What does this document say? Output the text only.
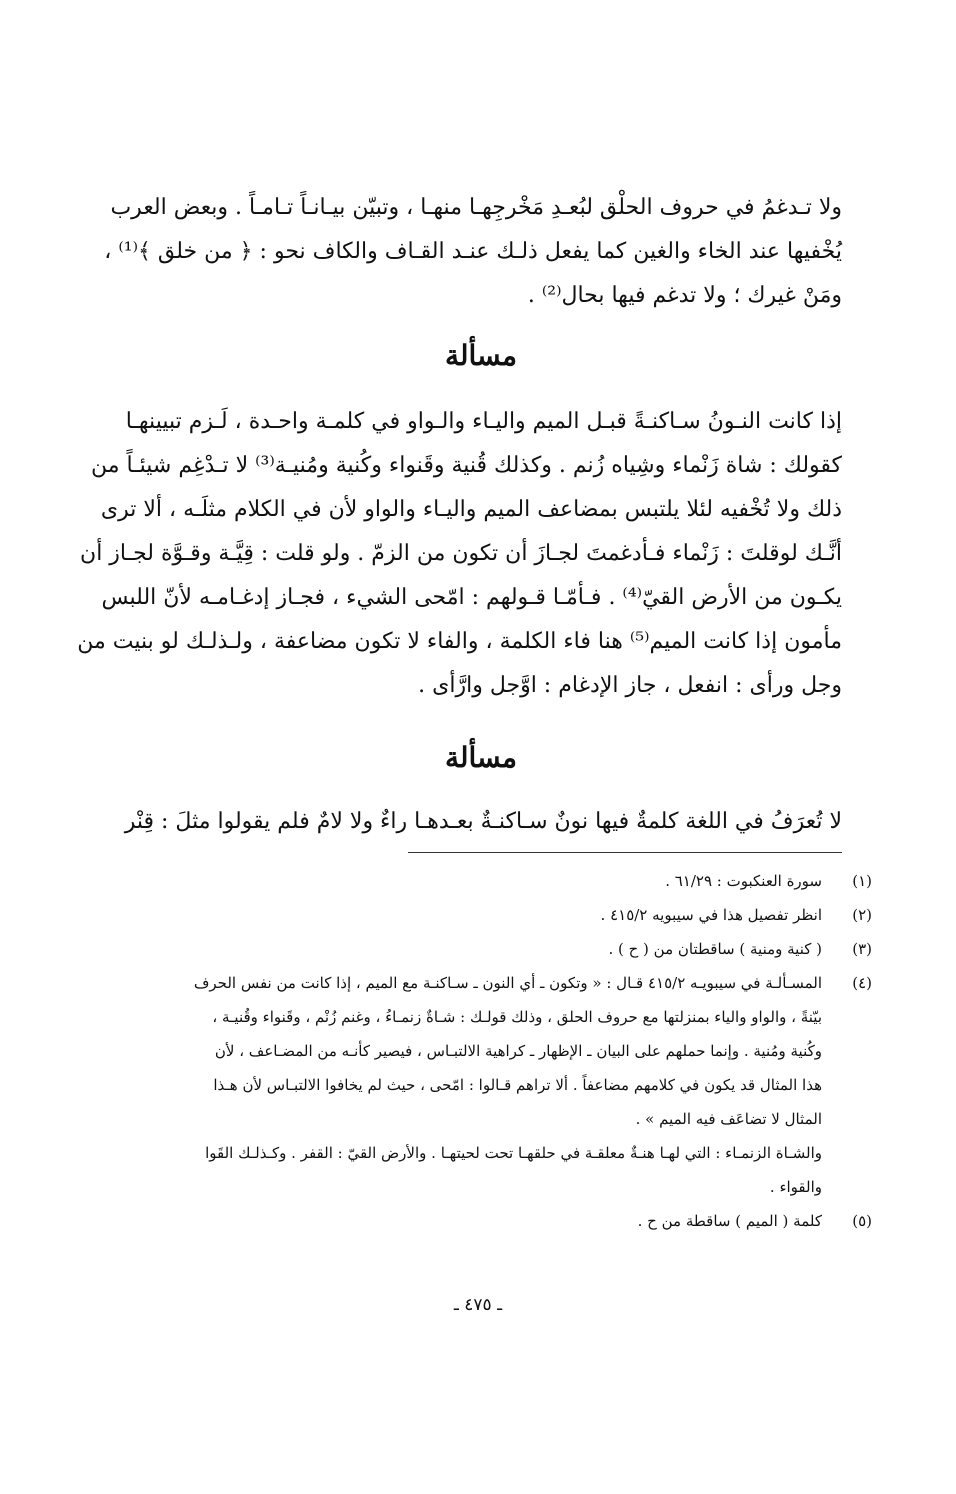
ولا تـدغمُ في حروف الحلْق لبُعـدِ مَخْرجِهـا منهـا ، وتبيّن بيـانـاً تـامـاً . وبعض العرب
يُخْفيها عند الخاء والغين كما يفعل ذلـك عنـد القـاف والكاف نحو : ﴿ من خلق ﴾⁽¹⁾ ،
ومَنْ غيرك ؛ ولا تدغم فيها بحال⁽²⁾ .
مسألة
إذا كانت النـونُ سـاكنـةً قبـل الميم واليـاء والـواو في كلمـة واحـدة ، لَـزم تبيينهـا
كقولك : شاة زَنْماء وشِياه زُنم . وكذلك قُنية وقَنواء وكُنية ومُنيـة⁽³⁾ لا تـدْغِم شيئـاً من
ذلك ولا تُخْفيه لئلا يلتبس بمضاعف الميم واليـاء والواو لأن في الكلام مثلَـه ، ألا ترى
أنَّـك لوقلتَ : زَنْماء فـأدغمتَ لجـازَ أن تكون من الزمّ . ولو قلت : قِيَّـة وقـوَّة لجـاز أن
يكـون من الأرض القيّ⁽⁴⁾ . فـأمّـا قـولهم : امّحى الشيء ، فجـاز إدغـامـه لأنّ اللبس
مأمون إذا كانت الميم⁽⁵⁾ هنا فاء الكلمة ، والفاء لا تكون مضاعفة ، ولـذلـك لو بنيت من
وجل ورأى : انفعل ، جاز الإدغام : اوَّجل وارَّأى .
مسألة
لا تُعرَفُ في اللغة كلمةٌ فيها نونٌ سـاكنـةٌ بعـدهـا راءٌ ولا لامٌ فلم يقولوا مثلَ : قِنْر
(١)
سورة العنكبوت : ٦١/٢٩ .
(٢)
انظر تفصيل هذا في سيبويه ٤١٥/٢ .
(٣)
( كنية ومنية ) ساقطتان من ( ح ) .
(٤)
المسـألـة في سيبويـه ٤١٥/٢ قـال : « وتكون ـ أي النون ـ سـاكنـة مع الميم ، إذا كانت من نفس الحرف
بيّنةً ، والواو والياء بمنزلتها مع حروف الحلق ، وذلك قولـك : شـاةٌ زنمـاءُ ، وغنم زُنْم ، وقَنواء وقُنيـة ،
وكُنية ومُنية . وإنما حملهم على البيان ـ الإظهار ـ كراهية الالتبـاس ، فيصير كأنـه من المضـاعف ، لأن
هذا المثال قد يكون في كلامهم مضاعفاً . ألا تراهم قـالوا : امّحى ، حيث لم يخافوا الالتبـاس لأن هـذا
المثال لا تضاعَف فيه الميم » .
والشـاة الزنمـاء : التي لهـا هنـةٌ معلقـة في حلقهـا تحت لحيتهـا . والأرض القيّ : القفر . وكـذلـك القَوا
والقواء .
(٥)
كلمة ( الميم ) ساقطة من ح .
ـ ٤٧٥ ـ
